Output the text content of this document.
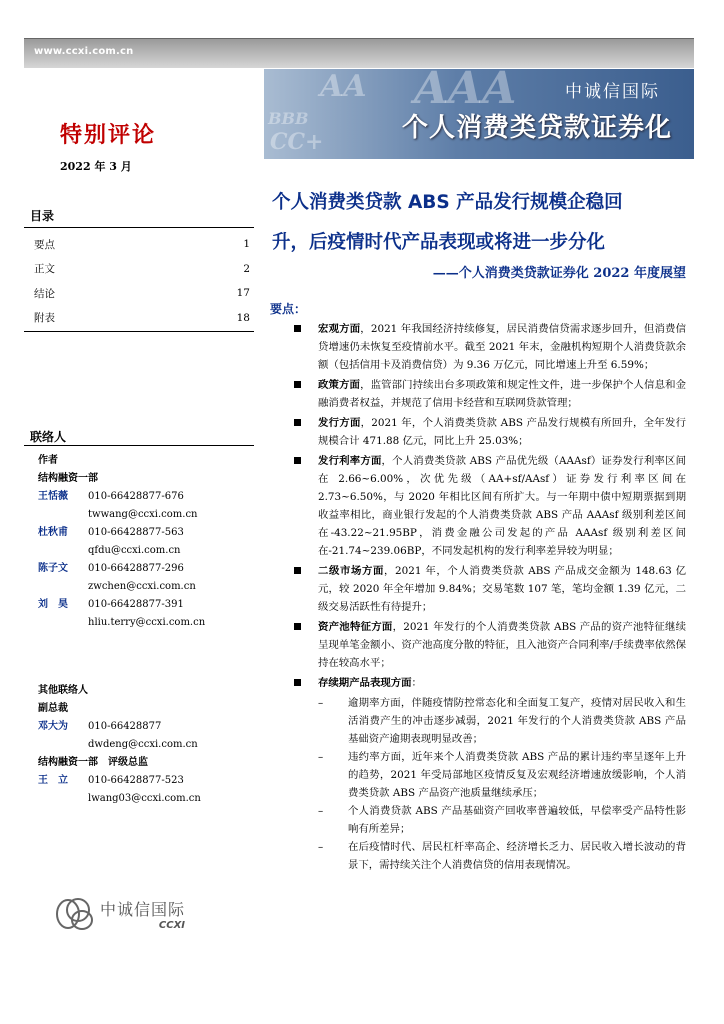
www.ccxi.com.cn
AAA
BBB
AA
CC+
中诚信国际
个人消费类贷款证券化
特别评论
2022 年 3 月
目录
要点	1
正文	2
结论	17
附表	18
联络人
作者
结构融资一部
王恬薇 010-66428877-676
twwang@ccxi.com.cn
杜秋甫 010-66428877-563
qfdu@ccxi.com.cn
陈子文 010-66428877-296
zwchen@ccxi.com.cn
刘　昊 010-66428877-391
hliu.terry@ccxi.com.cn
其他联络人
副总裁
邓大为 010-66428877
dwdeng@ccxi.com.cn
结构融资一部　评级总监
王　立 010-66428877-523
lwang03@ccxi.com.cn
中诚信国际
CCXI
个人消费类贷款 ABS 产品发行规模企稳回
升，后疫情时代产品表现或将进一步分化
——个人消费类贷款证券化 2022 年度展望
要点：
宏观方面，2021 年我国经济持续修复，居民消费信贷需求逐步回升，但消费信贷增速仍未恢复至疫情前水平。截至 2021 年末，金融机构短期个人消费贷款余额（包括信用卡及消费信贷）为 9.36 万亿元，同比增速上升至 6.59%；
政策方面，监管部门持续出台多项政策和规定性文件，进一步保护个人信息和金融消费者权益，并规范了信用卡经营和互联网贷款管理；
发行方面，2021 年，个人消费类贷款 ABS 产品发行规模有所回升，全年发行规模合计 471.88 亿元，同比上升 25.03%；
发行利率方面，个人消费类贷款 ABS 产品优先级（AAAsf）证券发行利率区间在 2.66~6.00%，次优先级（AA+sf/AAsf）证券发行利率区间在 2.73~6.50%，与 2020 年相比区间有所扩大。与一年期中债中短期票据到期收益率相比，商业银行发起的个人消费类贷款 ABS 产品 AAAsf 级别利差区间在-43.22~21.95BP，消费金融公司发起的产品 AAAsf 级别利差区间在-21.74~239.06BP，不同发起机构的发行利率差异较为明显；
二级市场方面，2021 年，个人消费类贷款 ABS 产品成交金额为 148.63 亿元，较 2020 年全年增加 9.84%；交易笔数 107 笔，笔均金额 1.39 亿元，二级交易活跃性有待提升；
资产池特征方面，2021 年发行的个人消费类贷款 ABS 产品的资产池特征继续呈现单笔金额小、资产池高度分散的特征，且入池资产合同利率/手续费率依然保持在较高水平；
存续期产品表现方面：
– 逾期率方面，伴随疫情防控常态化和全面复工复产，疫情对居民收入和生活消费产生的冲击逐步减弱，2021 年发行的个人消费类贷款 ABS 产品基础资产逾期表现明显改善；
– 违约率方面，近年来个人消费类贷款 ABS 产品的累计违约率呈逐年上升的趋势，2021 年受局部地区疫情反复及宏观经济增速放缓影响，个人消费类贷款 ABS 产品资产池质量继续承压；
– 个人消费贷款 ABS 产品基础资产回收率普遍较低，早偿率受产品特性影响有所差异；
– 在后疫情时代、居民杠杆率高企、经济增长乏力、居民收入增长波动的背景下，需持续关注个人消费信贷的信用表现情况。
